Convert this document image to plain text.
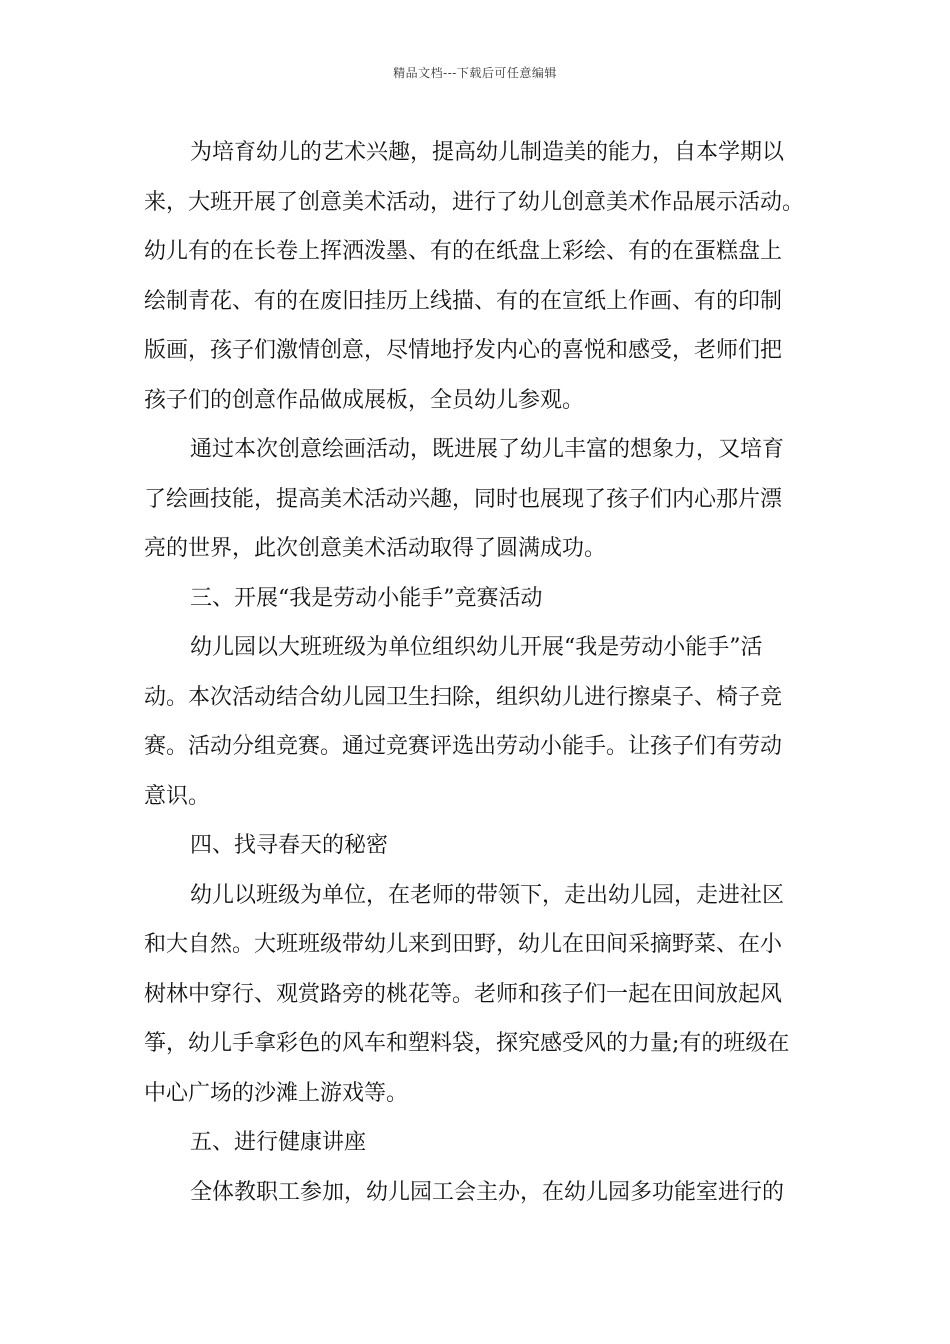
精品文档---下载后可任意编辑
为培育幼儿的艺术兴趣，提高幼儿制造美的能力，自本学期以
来，大班开展了创意美术活动，进行了幼儿创意美术作品展示活动。
幼儿有的在长卷上挥洒泼墨、有的在纸盘上彩绘、有的在蛋糕盘上
绘制青花、有的在废旧挂历上线描、有的在宣纸上作画、有的印制
版画，孩子们激情创意，尽情地抒发内心的喜悦和感受，老师们把
孩子们的创意作品做成展板，全员幼儿参观。
通过本次创意绘画活动，既进展了幼儿丰富的想象力，又培育
了绘画技能，提高美术活动兴趣，同时也展现了孩子们内心那片漂
亮的世界，此次创意美术活动取得了圆满成功。
三、开展“我是劳动小能手”竞赛活动
幼儿园以大班班级为单位组织幼儿开展“我是劳动小能手”活
动。本次活动结合幼儿园卫生扫除，组织幼儿进行擦桌子、椅子竞
赛。活动分组竞赛。通过竞赛评选出劳动小能手。让孩子们有劳动
意识。
四、找寻春天的秘密
幼儿以班级为单位，在老师的带领下，走出幼儿园，走进社区
和大自然。大班班级带幼儿来到田野，幼儿在田间采摘野菜、在小
树林中穿行、观赏路旁的桃花等。老师和孩子们一起在田间放起风
筝，幼儿手拿彩色的风车和塑料袋，探究感受风的力量;有的班级在
中心广场的沙滩上游戏等。
五、进行健康讲座
全体教职工参加，幼儿园工会主办，在幼儿园多功能室进行的
